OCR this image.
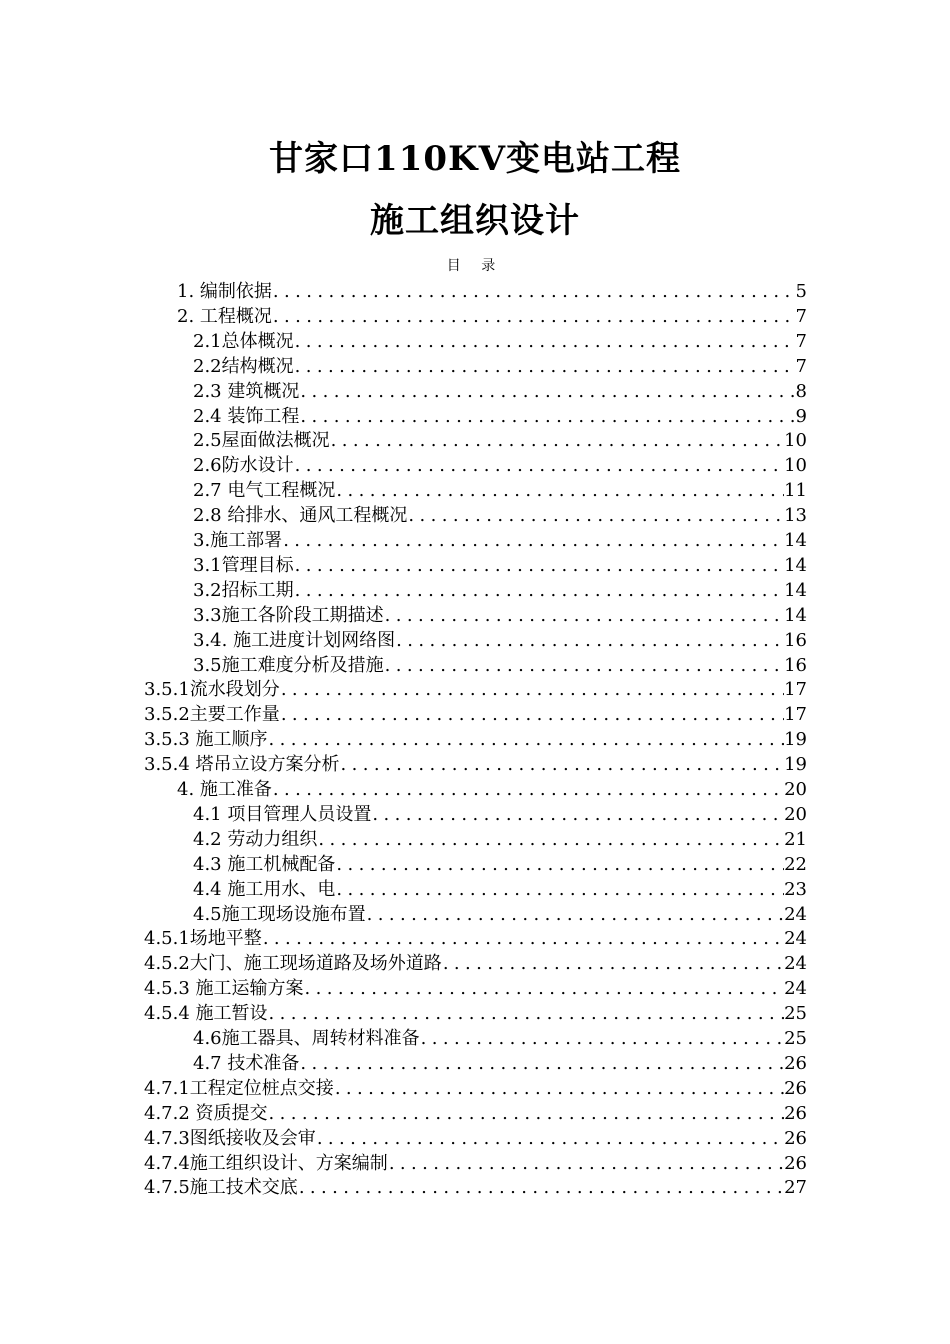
甘家口110KV变电站工程
施工组织设计
目 录
1. 编制依据 .....	5
2. 工程概况 .....	7
2.1总体概况 .....	7
2.2结构概况 .....	7
2.3 建筑概况 .....	8
2.4 装饰工程 .....	9
2.5屋面做法概况 .....	10
2.6防水设计 .....	10
2.7 电气工程概况 .....	11
2.8 给排水、通风工程概况 .....	13
3.施工部署 .....	14
3.1管理目标 .....	14
3.2招标工期 .....	14
3.3施工各阶段工期描述 .....	14
3.4. 施工进度计划网络图 .....	16
3.5施工难度分析及措施 .....	16
3.5.1流水段划分 .....	17
3.5.2主要工作量 .....	17
3.5.3 施工顺序 .....	19
3.5.4 塔吊立设方案分析 .....	19
4. 施工准备 .....	20
4.1 项目管理人员设置 .....	20
4.2 劳动力组织 .....	21
4.3 施工机械配备 .....	22
4.4 施工用水、电 .....	23
4.5施工现场设施布置 .....	24
4.5.1场地平整 .....	24
4.5.2大门、施工现场道路及场外道路 .....	24
4.5.3 施工运输方案 .....	24
4.5.4 施工暂设 .....	25
4.6施工器具、周转材料准备 .....	25
4.7 技术准备 .....	26
4.7.1工程定位桩点交接 .....	26
4.7.2 资质提交 .....	26
4.7.3图纸接收及会审 .....	26
4.7.4施工组织设计、方案编制 .....	26
4.7.5施工技术交底 .....	27
